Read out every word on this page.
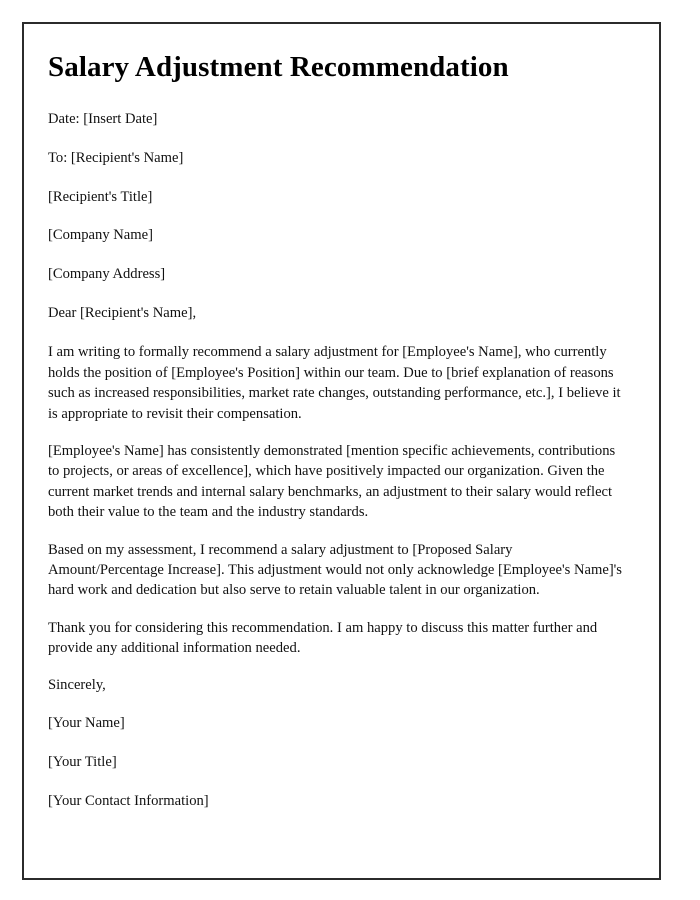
Salary Adjustment Recommendation
Date: [Insert Date]
To: [Recipient's Name]
[Recipient's Title]
[Company Name]
[Company Address]
Dear [Recipient's Name],

I am writing to formally recommend a salary adjustment for [Employee's Name], who currently holds the position of [Employee's Position] within our team. Due to [brief explanation of reasons such as increased responsibilities, market rate changes, outstanding performance, etc.], I believe it is appropriate to revisit their compensation.

[Employee's Name] has consistently demonstrated [mention specific achievements, contributions to projects, or areas of excellence], which have positively impacted our organization. Given the current market trends and internal salary benchmarks, an adjustment to their salary would reflect both their value to the team and the industry standards.

Based on my assessment, I recommend a salary adjustment to [Proposed Salary Amount/Percentage Increase]. This adjustment would not only acknowledge [Employee's Name]'s hard work and dedication but also serve to retain valuable talent in our organization.

Thank you for considering this recommendation. I am happy to discuss this matter further and provide any additional information needed.

Sincerely,
[Your Name]
[Your Title]
[Your Contact Information]
